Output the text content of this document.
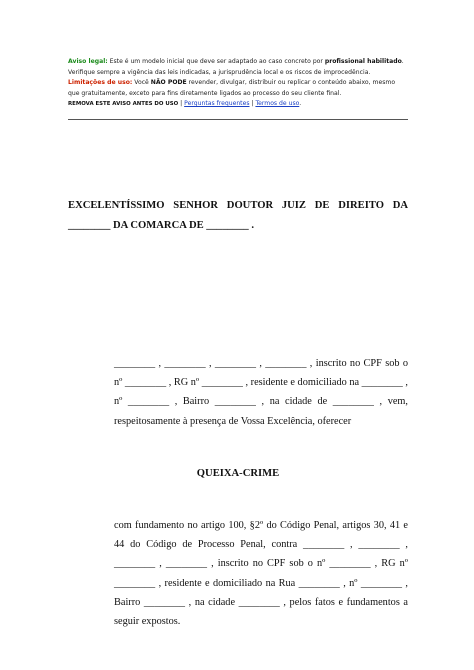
Aviso legal: Este é um modelo inicial que deve ser adaptado ao caso concreto por profissional habilitado. Verifique sempre a vigência das leis indicadas, a jurisprudência local e os riscos de improcedência. Limitações de uso: Você NÃO PODE revender, divulgar, distribuir ou replicar o conteúdo abaixo, mesmo que gratuitamente, exceto para fins diretamente ligados ao processo do seu cliente final.
REMOVA ESTE AVISO ANTES DO USO | Perguntas frequentes | Termos de uso.
EXCELENTÍSSIMO SENHOR DOUTOR JUIZ DE DIREITO DA ________ DA COMARCA DE ________ .
________ , ________ , ________ , ________ , inscrito no CPF sob o nº ________ , RG nº ________ , residente e domiciliado na ________ , nº ________ , Bairro ________ , na cidade de ________ , vem, respeitosamente à presença de Vossa Excelência, oferecer
QUEIXA-CRIME
com fundamento no artigo 100, §2º do Código Penal, artigos 30, 41 e 44 do Código de Processo Penal, contra ________ , ________ , ________ , ________ , inscrito no CPF sob o nº ________ , RG nº ________ , residente e domiciliado na Rua ________ , nº ________ , Bairro ________ , na cidade ________ , pelos fatos e fundamentos a seguir expostos.
